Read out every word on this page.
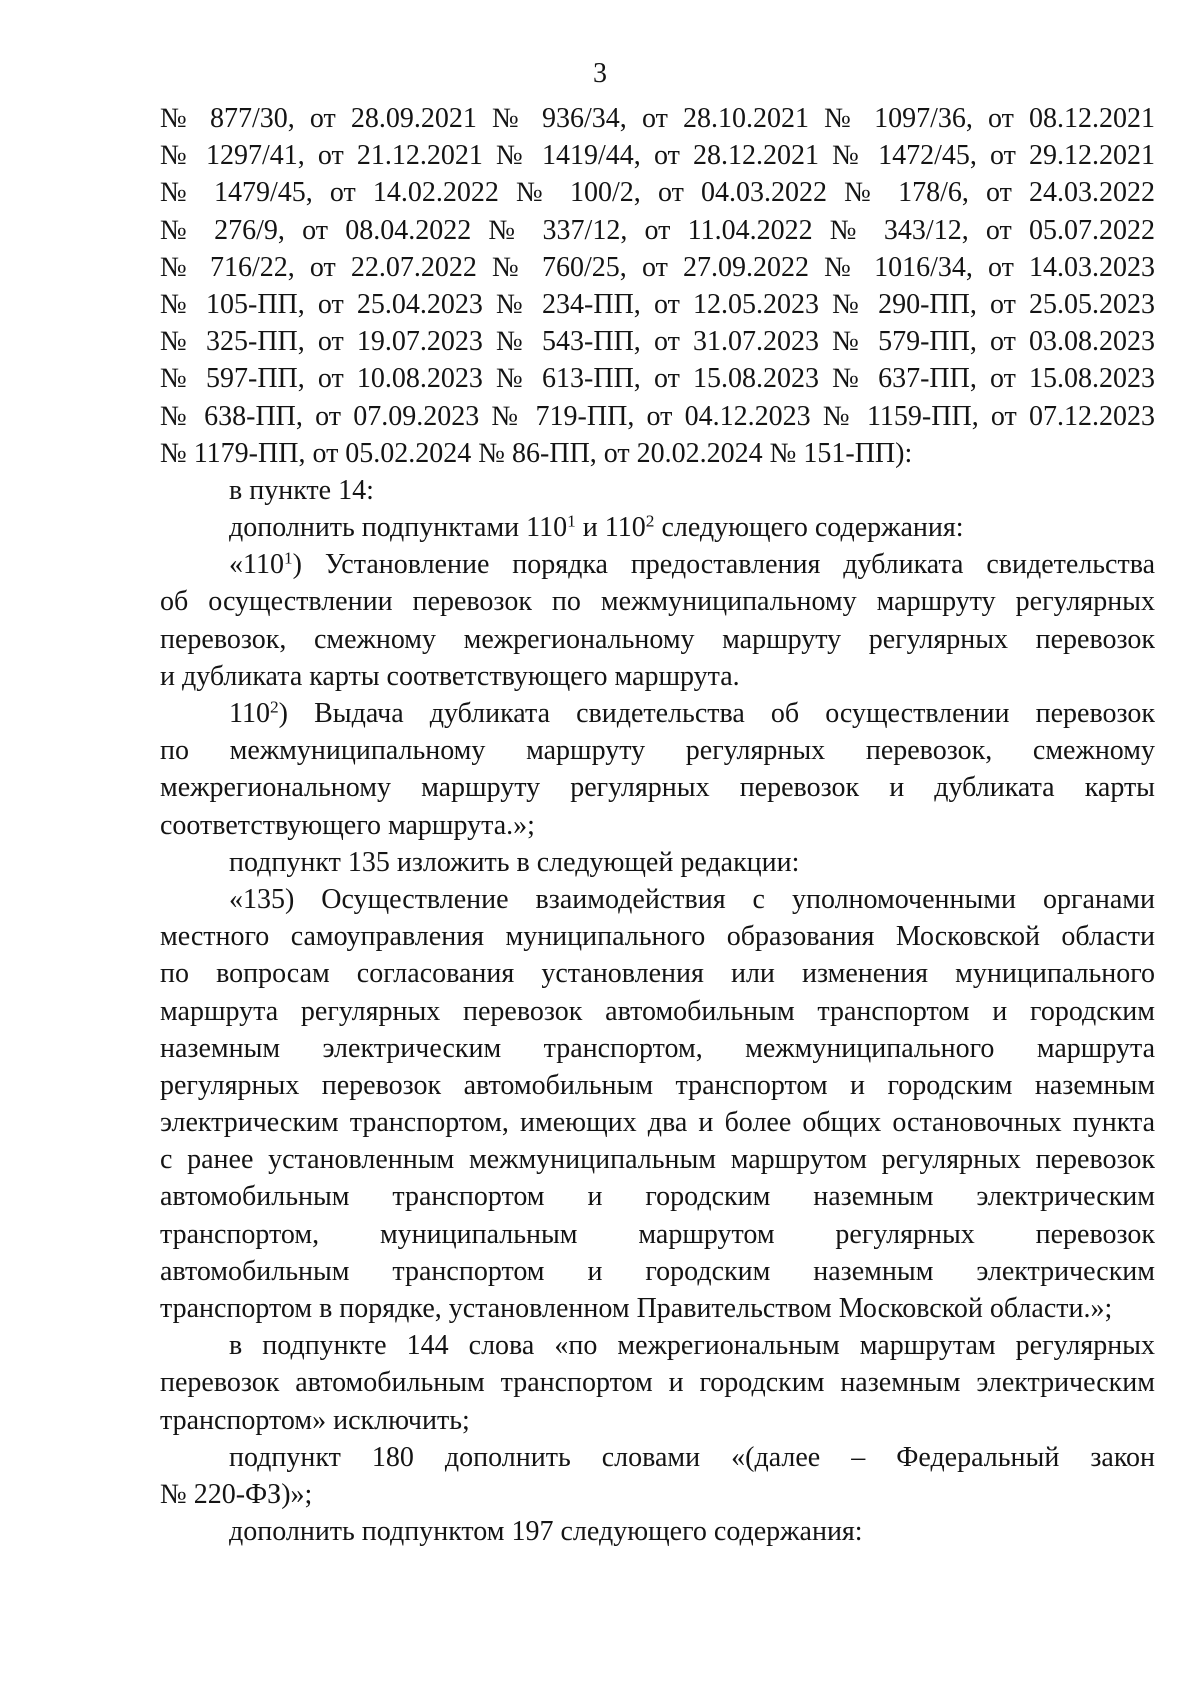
3
№ 877/30, от 28.09.2021 № 936/34, от 28.10.2021 № 1097/36, от 08.12.2021
№ 1297/41, от 21.12.2021 № 1419/44, от 28.12.2021 № 1472/45, от 29.12.2021
№ 1479/45, от 14.02.2022 № 100/2, от 04.03.2022 № 178/6, от 24.03.2022
№ 276/9, от 08.04.2022 № 337/12, от 11.04.2022 № 343/12, от 05.07.2022
№ 716/22, от 22.07.2022 № 760/25, от 27.09.2022 № 1016/34, от 14.03.2023
№ 105-ПП, от 25.04.2023 № 234-ПП, от 12.05.2023 № 290-ПП, от 25.05.2023
№ 325-ПП, от 19.07.2023 № 543-ПП, от 31.07.2023 № 579-ПП, от 03.08.2023
№ 597-ПП, от 10.08.2023 № 613-ПП, от 15.08.2023 № 637-ПП, от 15.08.2023
№ 638-ПП, от 07.09.2023 № 719-ПП, от 04.12.2023 № 1159-ПП, от 07.12.2023
№ 1179-ПП, от 05.02.2024 № 86-ПП, от 20.02.2024 № 151-ПП):
в пункте 14:
дополнить подпунктами $110^1$ и $110^2$ следующего содержания:
«$110^1$) Установление порядка предоставления дубликата свидетельства
об осуществлении перевозок по межмуниципальному маршруту регулярных
перевозок, смежному межрегиональному маршруту регулярных перевозок
и дубликата карты соответствующего маршрута.
$110^2$) Выдача дубликата свидетельства об осуществлении перевозок
по межмуниципальному маршруту регулярных перевозок, смежному
межрегиональному маршруту регулярных перевозок и дубликата карты
соответствующего маршрута.»;
подпункт 135 изложить в следующей редакции:
«135) Осуществление взаимодействия с уполномоченными органами
местного самоуправления муниципального образования Московской области
по вопросам согласования установления или изменения муниципального
маршрута регулярных перевозок автомобильным транспортом и городским
наземным электрическим транспортом, межмуниципального маршрута
регулярных перевозок автомобильным транспортом и городским наземным
электрическим транспортом, имеющих два и более общих остановочных пункта
с ранее установленным межмуниципальным маршрутом регулярных перевозок
автомобильным транспортом и городским наземным электрическим
транспортом, муниципальным маршрутом регулярных перевозок
автомобильным транспортом и городским наземным электрическим
транспортом в порядке, установленном Правительством Московской области.»;
в подпункте 144 слова «по межрегиональным маршрутам регулярных
перевозок автомобильным транспортом и городским наземным электрическим
транспортом» исключить;
подпункт 180 дополнить словами «(далее – Федеральный закон
№ 220-ФЗ)»;
дополнить подпунктом 197 следующего содержания:
